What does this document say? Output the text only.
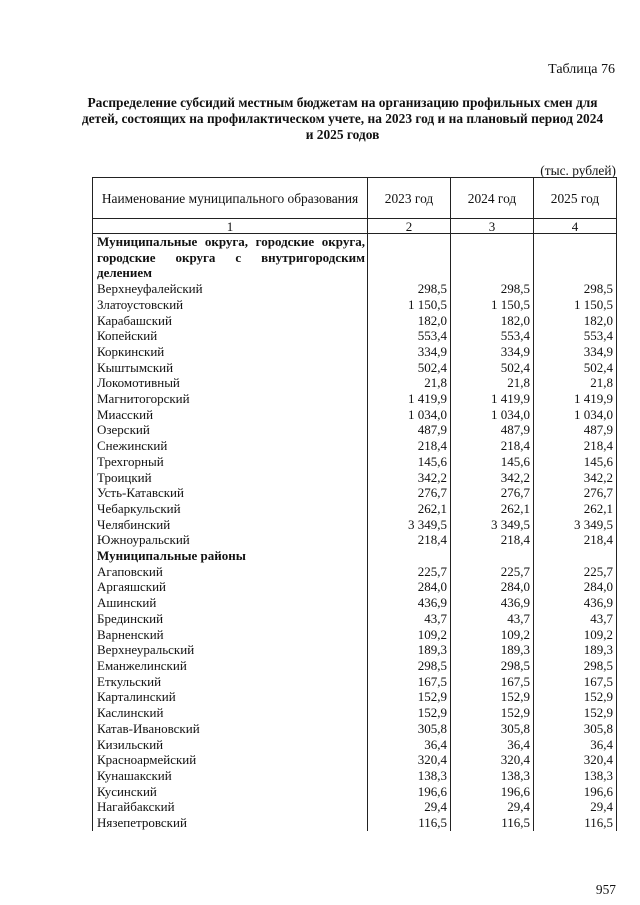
Таблица 76
Распределение субсидий местным бюджетам на организацию профильных смен для детей, состоящих на профилактическом учете, на 2023 год и на плановый период 2024 и 2025 годов
(тыс. рублей)
Наименование муниципального образования	2023 год	2024 год	2025 год
1	2	3	4
Муниципальные округа, городские округа, городские округа с внутригородским делением			
Верхнеуфалейский	298,5	298,5	298,5
Златоустовский	1 150,5	1 150,5	1 150,5
Карабашский	182,0	182,0	182,0
Копейский	553,4	553,4	553,4
Коркинский	334,9	334,9	334,9
Кыштымский	502,4	502,4	502,4
Локомотивный	21,8	21,8	21,8
Магнитогорский	1 419,9	1 419,9	1 419,9
Миасский	1 034,0	1 034,0	1 034,0
Озерский	487,9	487,9	487,9
Снежинский	218,4	218,4	218,4
Трехгорный	145,6	145,6	145,6
Троицкий	342,2	342,2	342,2
Усть-Катавский	276,7	276,7	276,7
Чебаркульский	262,1	262,1	262,1
Челябинский	3 349,5	3 349,5	3 349,5
Южноуральский	218,4	218,4	218,4
Муниципальные районы			
Агаповский	225,7	225,7	225,7
Аргаяшский	284,0	284,0	284,0
Ашинский	436,9	436,9	436,9
Брединский	43,7	43,7	43,7
Варненский	109,2	109,2	109,2
Верхнеуральский	189,3	189,3	189,3
Еманжелинский	298,5	298,5	298,5
Еткульский	167,5	167,5	167,5
Карталинский	152,9	152,9	152,9
Каслинский	152,9	152,9	152,9
Катав-Ивановский	305,8	305,8	305,8
Кизильский	36,4	36,4	36,4
Красноармейский	320,4	320,4	320,4
Кунашакский	138,3	138,3	138,3
Кусинский	196,6	196,6	196,6
Нагайбакский	29,4	29,4	29,4
Нязепетровский	116,5	116,5	116,5
957
